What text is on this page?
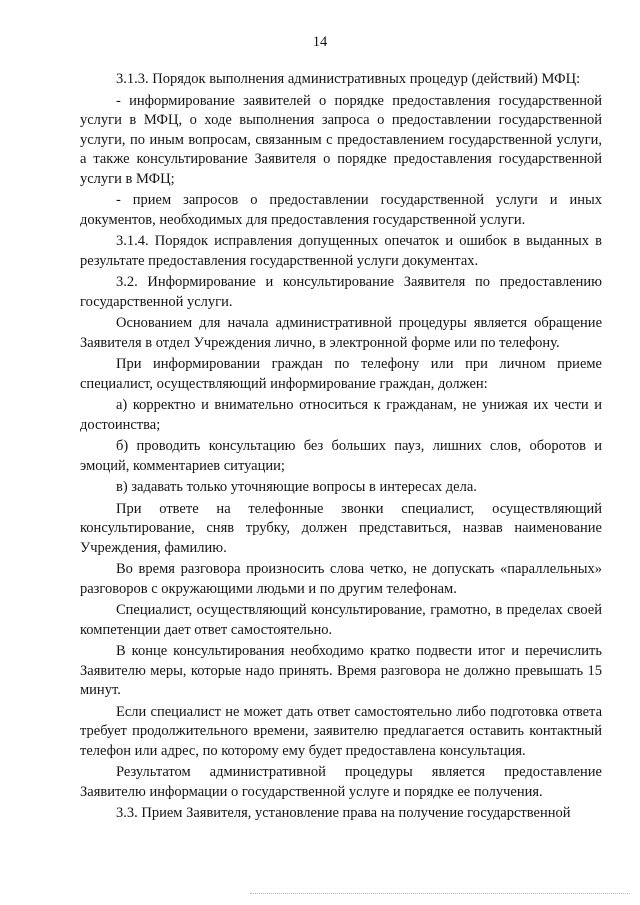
14

3.1.3. Порядок выполнения административных процедур (действий) МФЦ:

- информирование заявителей о порядке предоставления государственной услуги в МФЦ, о ходе выполнения запроса о предоставлении государственной услуги, по иным вопросам, связанным с предоставлением государственной услуги, а также консультирование Заявителя о порядке предоставления государственной услуги в МФЦ;

- прием запросов о предоставлении государственной услуги и иных документов, необходимых для предоставления государственной услуги.

3.1.4. Порядок исправления допущенных опечаток и ошибок в выданных в результате предоставления государственной услуги документах.

3.2. Информирование и консультирование Заявителя по предоставлению государственной услуги.

Основанием для начала административной процедуры является обращение Заявителя в отдел Учреждения лично, в электронной форме или по телефону.

При информировании граждан по телефону или при личном приеме специалист, осуществляющий информирование граждан, должен:

а) корректно и внимательно относиться к гражданам, не унижая их чести и достоинства;

б) проводить консультацию без больших пауз, лишних слов, оборотов и эмоций, комментариев ситуации;

в) задавать только уточняющие вопросы в интересах дела.

При ответе на телефонные звонки специалист, осуществляющий консультирование, сняв трубку, должен представиться, назвав наименование Учреждения, фамилию.

Во время разговора произносить слова четко, не допускать «параллельных» разговоров с окружающими людьми и по другим телефонам.

Специалист, осуществляющий консультирование, грамотно, в пределах своей компетенции дает ответ самостоятельно.

В конце консультирования необходимо кратко подвести итог и перечислить Заявителю меры, которые надо принять. Время разговора не должно превышать 15 минут.

Если специалист не может дать ответ самостоятельно либо подготовка ответа требует продолжительного времени, заявителю предлагается оставить контактный телефон или адрес, по которому ему будет предоставлена консультация.

Результатом административной процедуры является предоставление Заявителю информации о государственной услуге и порядке ее получения.

3.3. Прием Заявителя, установление права на получение государственной
